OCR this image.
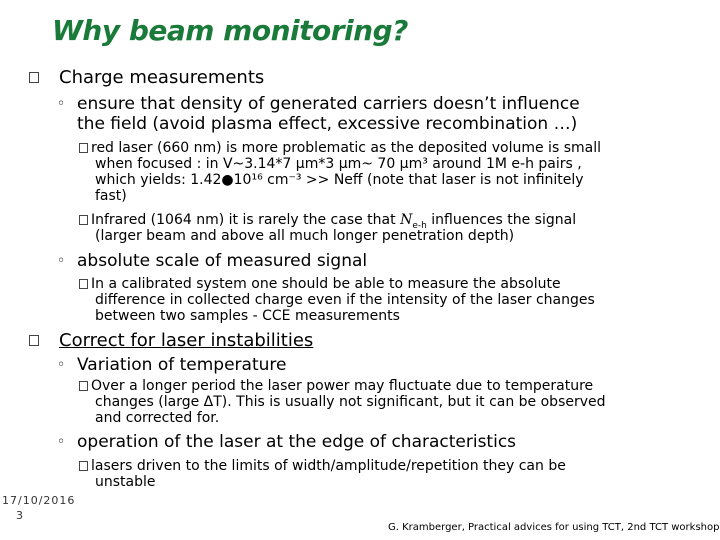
Why beam monitoring?
Charge measurements
◦ ensure that density of generated carriers doesn’t influence
the field (avoid plasma effect, excessive recombination …)
red laser (660 nm) is more problematic as the deposited volume is small
when focused : in V~3.14*7 μm*3 μm~ 70 μm³ around 1M e-h pairs ,
which yields: 1.42●10¹⁶ cm⁻³ >> Neff (note that laser is not infinitely
fast)
Infrared (1064 nm) it is rarely the case that $N_{e-h}$ influences the signal
(larger beam and above all much longer penetration depth)
◦ absolute scale of measured signal
In a calibrated system one should be able to measure the absolute
difference in collected charge even if the intensity of the laser changes
between two samples - CCE measurements
Correct for laser instabilities
◦ Variation of temperature
Over a longer period the laser power may fluctuate due to temperature
changes (large ΔT). This is usually not significant, but it can be observed
and corrected for.
◦ operation of the laser at the edge of characteristics
lasers driven to the limits of width/amplitude/repetition they can be
unstable
17/10/2016
3
G. Kramberger, Practical advices for using TCT, 2nd TCT workshop
